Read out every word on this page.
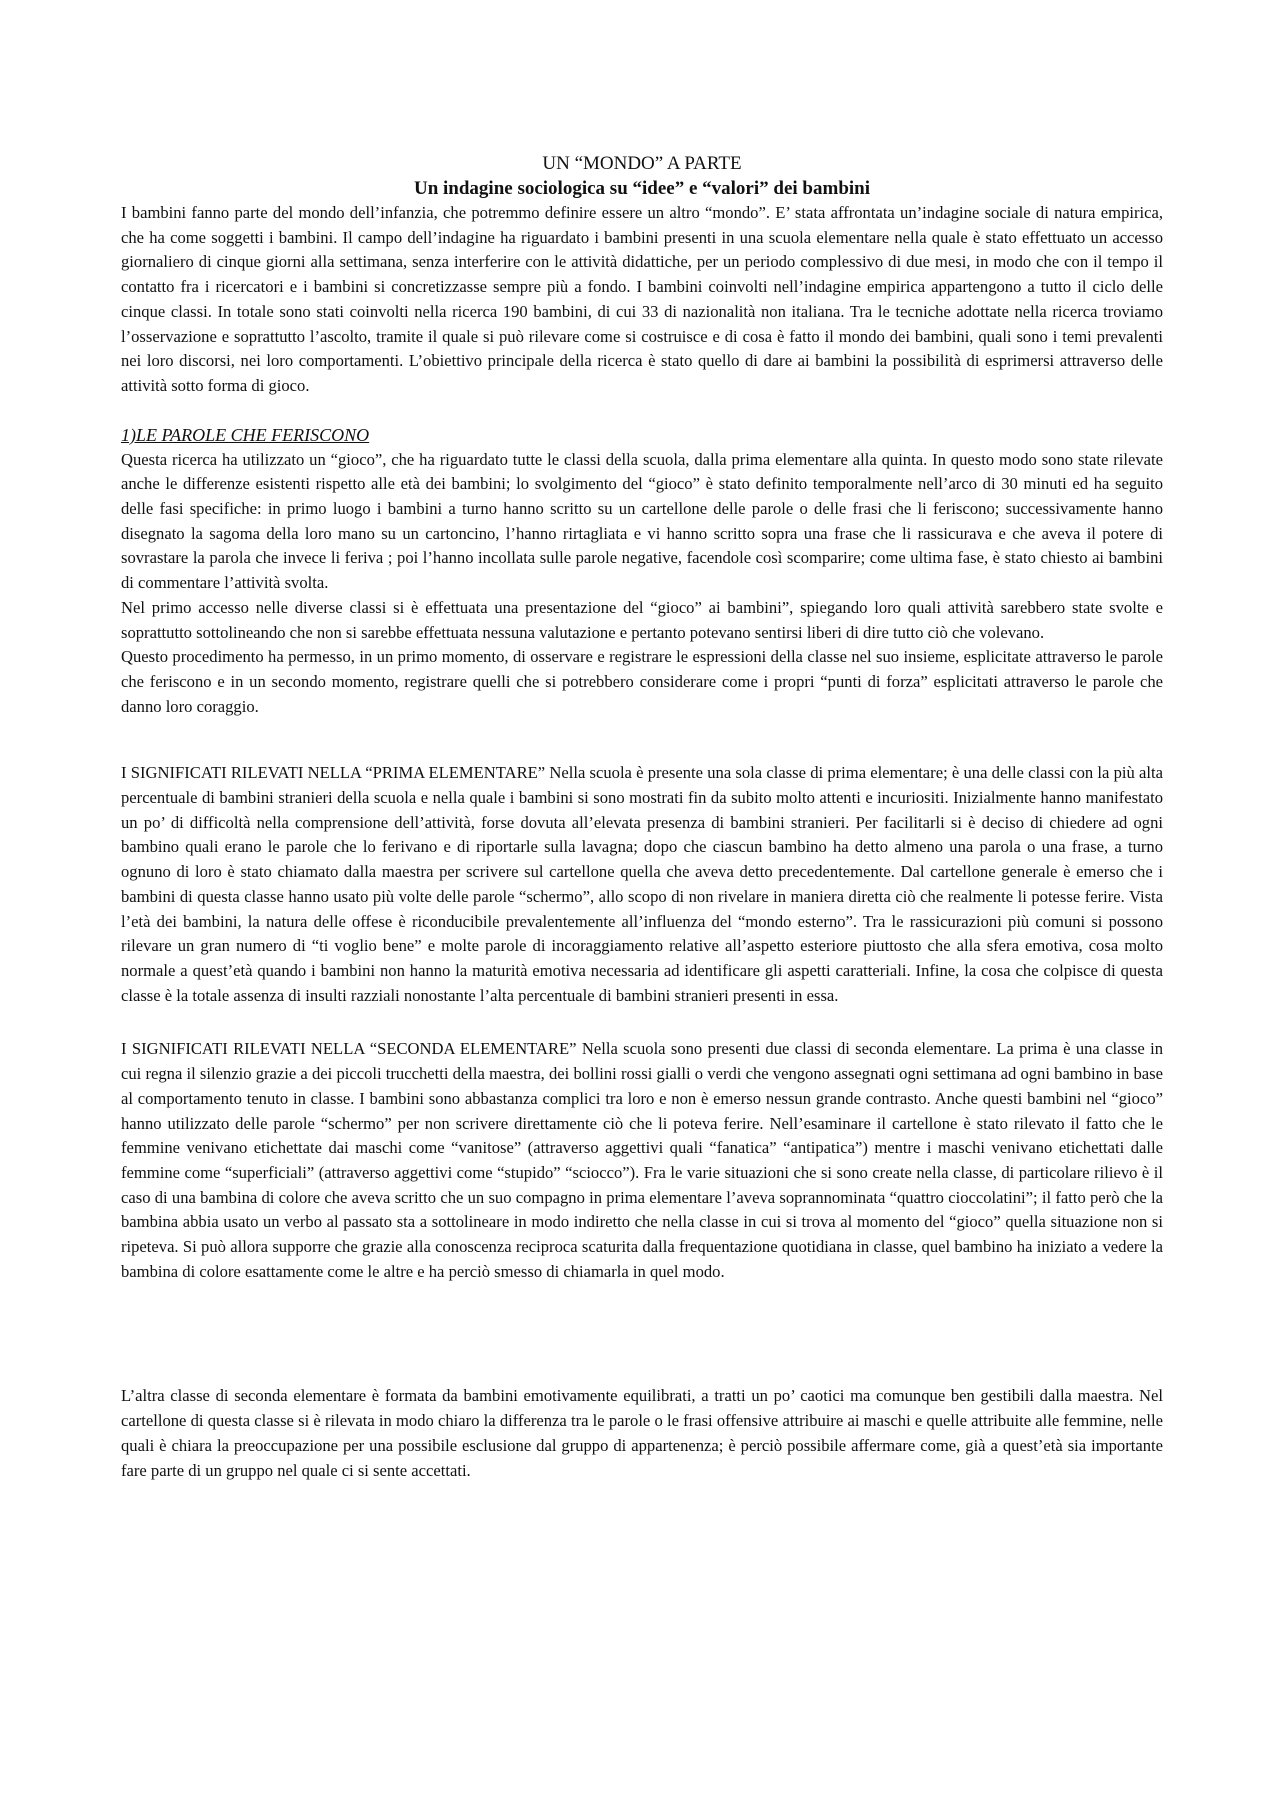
UN “MONDO” A PARTE
Un indagine sociologica su “idee” e “valori” dei bambini

I bambini fanno parte del mondo dell’infanzia, che potremmo definire essere un altro “mondo”. E’ stata affrontata un’indagine sociale di natura empirica, che ha come soggetti i bambini. Il campo dell’indagine ha riguardato i bambini presenti in una scuola elementare nella quale è stato effettuato un accesso giornaliero di cinque giorni alla settimana, senza interferire con le attività didattiche, per un periodo complessivo di due mesi, in modo che con il tempo il contatto fra i ricercatori e i bambini si concretizzasse sempre più a fondo. I bambini coinvolti nell’indagine empirica appartengono a tutto il ciclo delle cinque classi. In totale sono stati coinvolti nella ricerca 190 bambini, di cui 33 di nazionalità non italiana. Tra le tecniche adottate nella ricerca troviamo l’osservazione e soprattutto l’ascolto, tramite il quale si può rilevare come si costruisce e di cosa è fatto il mondo dei bambini, quali sono i temi prevalenti nei loro discorsi, nei loro comportamenti. L’obiettivo principale della ricerca è stato quello di dare ai bambini la possibilità di esprimersi attraverso delle attività sotto forma di gioco.

1)LE PAROLE CHE FERISCONO

Questa ricerca ha utilizzato un “gioco”, che ha riguardato tutte le classi della scuola, dalla prima elementare alla quinta. In questo modo sono state rilevate anche le differenze esistenti rispetto alle età dei bambini; lo svolgimento del “gioco” è stato definito temporalmente nell’arco di 30 minuti ed ha seguito delle fasi specifiche: in primo luogo i bambini a turno hanno scritto su un cartellone delle parole o delle frasi che li feriscono; successivamente hanno disegnato la sagoma della loro mano su un cartoncino, l’hanno rirtagliata e vi hanno scritto sopra una frase che li rassicurava e che aveva il potere di sovrastare la parola che invece li feriva ; poi l’hanno incollata sulle parole negative, facendole così scomparire; come ultima fase, è stato chiesto ai bambini di commentare l’attività svolta.

Nel primo accesso nelle diverse classi si è effettuata una presentazione del “gioco” ai bambini”, spiegando loro quali attività sarebbero state svolte e soprattutto sottolineando che non si sarebbe effettuata nessuna valutazione e pertanto potevano sentirsi liberi di dire tutto ciò che volevano.

Questo procedimento ha permesso, in un primo momento, di osservare e registrare le espressioni della classe nel suo insieme, esplicitate attraverso le parole che feriscono e in un secondo momento, registrare quelli che si potrebbero considerare come i propri “punti di forza” esplicitati attraverso le parole che danno loro coraggio.

I SIGNIFICATI RILEVATI NELLA “PRIMA ELEMENTARE” Nella scuola è presente una sola classe di prima elementare; è una delle classi con la più alta percentuale di bambini stranieri della scuola e nella quale i bambini si sono mostrati fin da subito molto attenti e incuriositi. Inizialmente hanno manifestato un po’ di difficoltà nella comprensione dell’attività, forse dovuta all’elevata presenza di bambini stranieri. Per facilitarli si è deciso di chiedere ad ogni bambino quali erano le parole che lo ferivano e di riportarle sulla lavagna; dopo che ciascun bambino ha detto almeno una parola o una frase, a turno ognuno di loro è stato chiamato dalla maestra per scrivere sul cartellone quella che aveva detto precedentemente. Dal cartellone generale è emerso che i bambini di questa classe hanno usato più volte delle parole “schermo”, allo scopo di non rivelare in maniera diretta ciò che realmente li potesse ferire. Vista l’età dei bambini, la natura delle offese è riconducibile prevalentemente all’influenza del “mondo esterno”. Tra le rassicurazioni più comuni si possono rilevare un gran numero di “ti voglio bene” e molte parole di incoraggiamento relative all’aspetto esteriore piuttosto che alla sfera emotiva, cosa molto normale a quest’età quando i bambini non hanno la maturità emotiva necessaria ad identificare gli aspetti caratteriali. Infine, la cosa che colpisce di questa classe è la totale assenza di insulti razziali nonostante l’alta percentuale di bambini stranieri presenti in essa.

I SIGNIFICATI RILEVATI NELLA “SECONDA ELEMENTARE” Nella scuola sono presenti due classi di seconda elementare. La prima è una classe in cui regna il silenzio grazie a dei piccoli trucchetti della maestra, dei bollini rossi gialli o verdi che vengono assegnati ogni settimana ad ogni bambino in base al comportamento tenuto in classe. I bambini sono abbastanza complici tra loro e non è emerso nessun grande contrasto. Anche questi bambini nel “gioco” hanno utilizzato delle parole “schermo” per non scrivere direttamente ciò che li poteva ferire. Nell’esaminare il cartellone è stato rilevato il fatto che le femmine venivano etichettate dai maschi come “vanitose” (attraverso aggettivi quali “fanatica” “antipatica”) mentre i maschi venivano etichettati dalle femmine come “superficiali” (attraverso aggettivi come “stupido” “sciocco”). Fra le varie situazioni che si sono create nella classe, di particolare rilievo è il caso di una bambina di colore che aveva scritto che un suo compagno in prima elementare l’aveva soprannominata “quattro cioccolatini”; il fatto però che la bambina abbia usato un verbo al passato sta a sottolineare in modo indiretto che nella classe in cui si trova al momento del “gioco” quella situazione non si ripeteva. Si può allora supporre che grazie alla conoscenza reciproca scaturita dalla frequentazione quotidiana in classe, quel bambino ha iniziato a vedere la bambina di colore esattamente come le altre e ha perciò smesso di chiamarla in quel modo.

L’altra classe di seconda elementare è formata da bambini emotivamente equilibrati, a tratti un po’ caotici ma comunque ben gestibili dalla maestra. Nel cartellone di questa classe si è rilevata in modo chiaro la differenza tra le parole o le frasi offensive attribuire ai maschi e quelle attribuite alle femmine, nelle quali è chiara la preoccupazione per una possibile esclusione dal gruppo di appartenenza; è perciò possibile affermare come, già a quest’età sia importante fare parte di un gruppo nel quale ci si sente accettati.
